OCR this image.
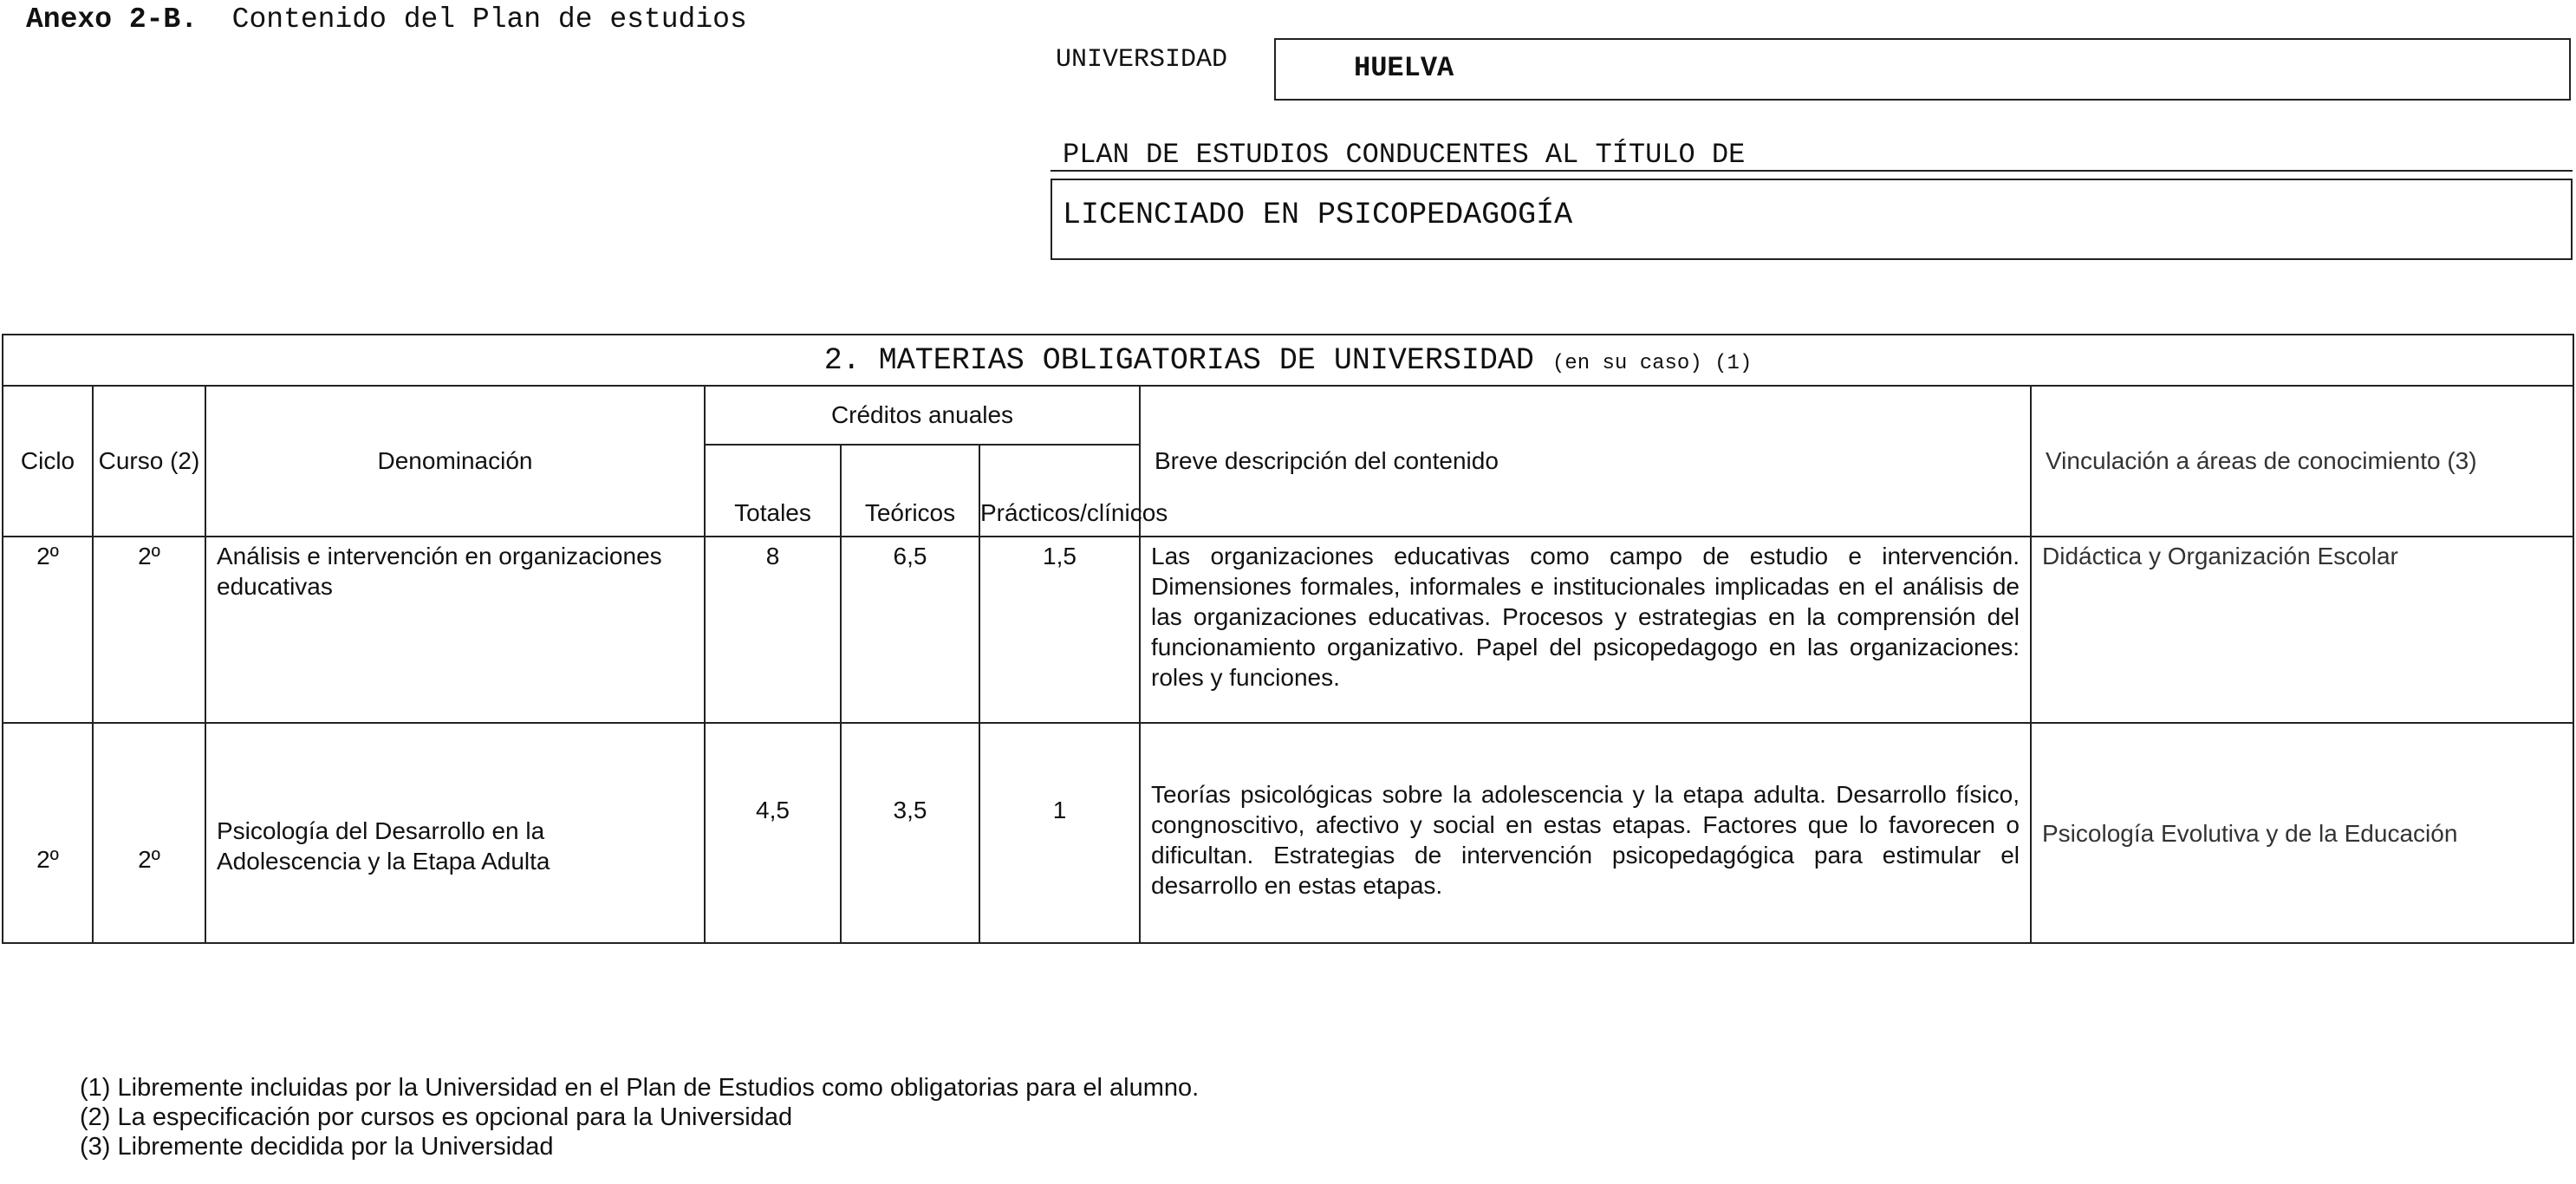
Anexo 2-B. Contenido del Plan de estudios
UNIVERSIDAD	HUELVA
PLAN DE ESTUDIOS CONDUCENTES AL TÍTULO DE
LICENCIADO EN PSICOPEDAGOGÍA
2. MATERIAS OBLIGATORIAS DE UNIVERSIDAD (en su caso) (1)							
Ciclo	Curso (2)	Denominación	Créditos anuales			Breve descripción del contenido	Vinculación a áreas de conocimiento (3)
			Totales	Teóricos	Prácticos/clínicos		
2º	2º	Análisis e intervención en organizaciones educativas	8	6,5	1,5	Las organizaciones educativas como campo de estudio e intervención. Dimensiones formales, informales e institucionales implicadas en el análisis de las organizaciones educativas. Procesos y estrategias en la comprensión del funcionamiento organizativo. Papel del psicopedagogo en las organizaciones: roles y funciones.	Didáctica y Organización Escolar
2º	2º	Psicología del Desarrollo en la Adolescencia y la Etapa Adulta	4,5	3,5	1	Teorías psicológicas sobre la adolescencia y la etapa adulta. Desarrollo físico, congnoscitivo, afectivo y social en estas etapas. Factores que lo favorecen o dificultan. Estrategias de intervención psicopedagógica para estimular el desarrollo en estas etapas.	Psicología Evolutiva y de la Educación
(1) Libremente incluidas por la Universidad en el Plan de Estudios como obligatorias para el alumno.
(2) La especificación por cursos es opcional para la Universidad
(3) Libremente decidida por la Universidad
